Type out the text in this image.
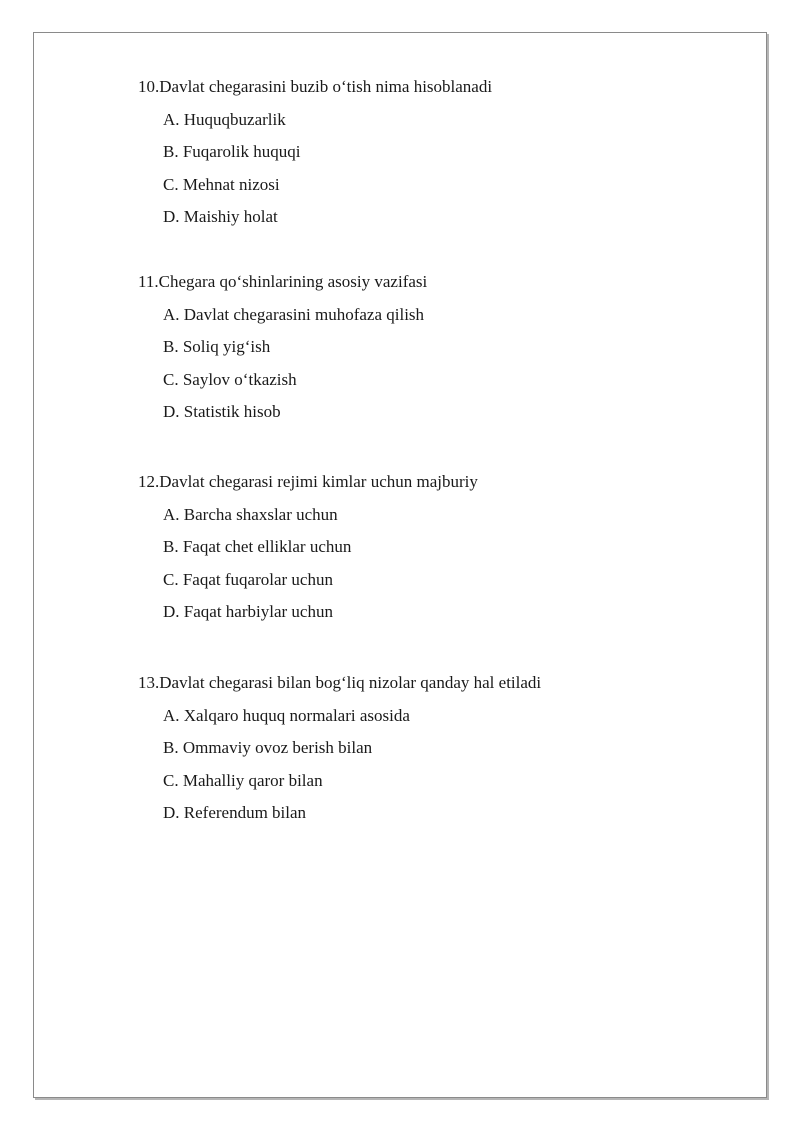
10.Davlat chegarasini buzib o‘tish nima hisoblanadi
A. Huquqbuzarlik
B. Fuqarolik huquqi
C. Mehnat nizosi
D. Maishiy holat
11.Chegara qo‘shinlarining asosiy vazifasi
A. Davlat chegarasini muhofaza qilish
B. Soliq yig‘ish
C. Saylov o‘tkazish
D. Statistik hisob
12.Davlat chegarasi rejimi kimlar uchun majburiy
A. Barcha shaxslar uchun
B. Faqat chet elliklar uchun
C. Faqat fuqarolar uchun
D. Faqat harbiylar uchun
13.Davlat chegarasi bilan bog‘liq nizolar qanday hal etiladi
A. Xalqaro huquq normalari asosida
B. Ommaviy ovoz berish bilan
C. Mahalliy qaror bilan
D. Referendum bilan
